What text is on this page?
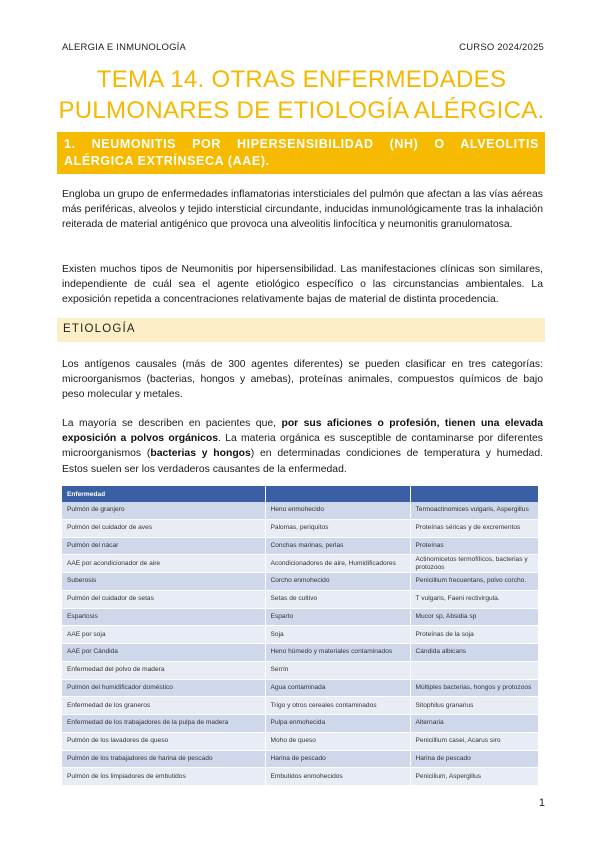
ALERGIA E INMUNOLOGÍA	CURSO 2024/2025
TEMA 14. OTRAS ENFERMEDADES
PULMONARES DE ETIOLOGÍA ALÉRGICA.
1. NEUMONITIS POR HIPERSENSIBILIDAD (NH) O ALVEOLITIS ALÉRGICA EXTRÍNSECA (AAE).
Engloba un grupo de enfermedades inflamatorias intersticiales del pulmón que afectan a las vías aéreas más periféricas, alveolos y tejido intersticial circundante, inducidas inmunológicamente tras la inhalación reiterada de material antigénico que provoca una alveolitis linfocítica y neumonitis granulomatosa.
Existen muchos tipos de Neumonitis por hipersensibilidad. Las manifestaciones clínicas son similares, independiente de cuál sea el agente etiológico específico o las circunstancias ambientales. La exposición repetida a concentraciones relativamente bajas de material de distinta procedencia.
ETIOLOGÍA
Los antígenos causales (más de 300 agentes diferentes) se pueden clasificar en tres categorías: microorganismos (bacterias, hongos y amebas), proteínas animales, compuestos químicos de bajo peso molecular y metales.
La mayoría se describen en pacientes que, por sus aficiones o profesión, tienen una elevada exposición a polvos orgánicos. La materia orgánica es susceptible de contaminarse por diferentes microorganismos (bacterias y hongos) en determinadas condiciones de temperatura y humedad. Estos suelen ser los verdaderos causantes de la enfermedad.
Enfermedad		
Pulmón de granjero	Heno enmohecido	Termoactinomices vulgaris, Aspergillus
Pulmón del cuidador de aves	Palomas, periquitos	Proteínas séricas y de excrementos
Pulmón del nácar	Conchas marinas, perlas	Proteínas
AAE por acondicionador de aire	Acondicionadores de aire, Humidificadores	Actinomicetos termofílicos, bacterias y protozoos
Suberosis	Corcho enmohecido	Penicillium frecuentans, polvo corcho.
Pulmón del cuidador de setas	Setas de cultivo	T vulgaris, Faeni rectivirgula.
Espartosis	Esparto	Mucor sp, Absidia sp
AAE por soja	Soja	Proteínas de la soja
AAE por Cándida	Heno húmedo y materiales contaminados	Cándida albicans
Enfermedad del polvo de madera	Serrín	
Pulmón del humidificador doméstico	Agua contaminada	Múltiples bacterias, hongos y protozoos
Enfermedad de los graneros	Trigo y otros cereales contaminados	Sitophilus granarius
Enfermedad de los trabajadores de la pulpa de madera	Pulpa enmohecida	Alternaria
Pulmón de los lavadores de queso	Moho de queso	Penicillium casei, Acarus siro
Pulmón de los trabajadores de harina de pescado	Harina de pescado	Harina de pescado
Pulmón de los limpiadores de embutidos	Embutidos enmohecidos	Penicilium, Aspergillus
1
